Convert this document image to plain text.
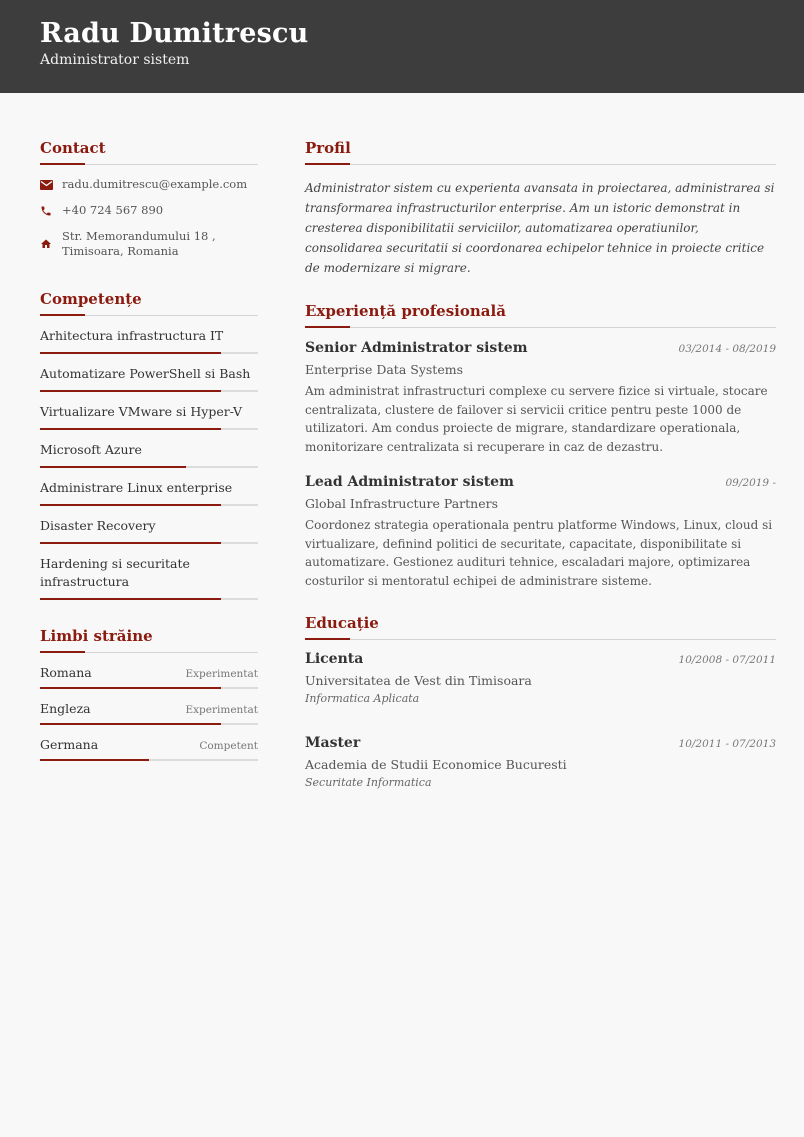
Radu Dumitrescu
Administrator sistem
Contact
radu.dumitrescu@example.com
+40 724 567 890
Str. Memorandumului 18 ,
Timisoara, Romania
Competențe
Arhitectura infrastructura IT
Automatizare PowerShell si Bash
Virtualizare VMware si Hyper-V
Microsoft Azure
Administrare Linux enterprise
Disaster Recovery
Hardening si securitate infrastructura
Limbi străine
Romana	Experimentat
Engleza	Experimentat
Germana	Competent
Profil
Administrator sistem cu experienta avansata in proiectarea, administrarea si transformarea infrastructurilor enterprise. Am un istoric demonstrat in cresterea disponibilitatii serviciilor, automatizarea operatiunilor, consolidarea securitatii si coordonarea echipelor tehnice in proiecte critice de modernizare si migrare.
Experiență profesională
Senior Administrator sistem	03/2014 - 08/2019
Enterprise Data Systems
Am administrat infrastructuri complexe cu servere fizice si virtuale, stocare centralizata, clustere de failover si servicii critice pentru peste 1000 de utilizatori. Am condus proiecte de migrare, standardizare operationala, monitorizare centralizata si recuperare in caz de dezastru.
Lead Administrator sistem	09/2019 -
Global Infrastructure Partners
Coordonez strategia operationala pentru platforme Windows, Linux, cloud si virtualizare, definind politici de securitate, capacitate, disponibilitate si automatizare. Gestionez audituri tehnice, escaladari majore, optimizarea costurilor si mentoratul echipei de administrare sisteme.
Educație
Licenta	10/2008 - 07/2011
Universitatea de Vest din Timisoara
Informatica Aplicata
Master	10/2011 - 07/2013
Academia de Studii Economice Bucuresti
Securitate Informatica
